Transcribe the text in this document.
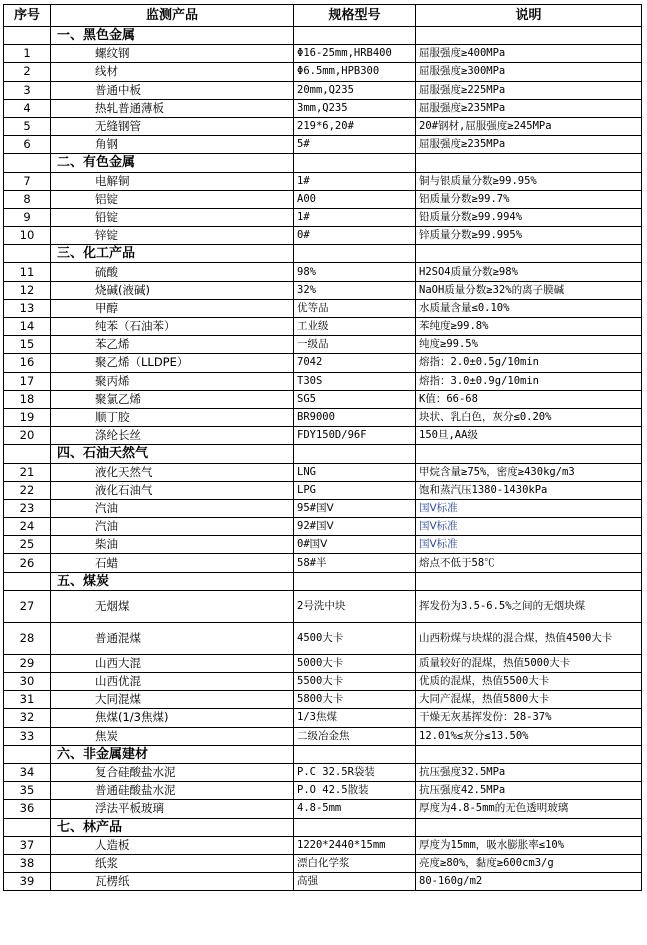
序号	监测产品	规格型号	说明
	一、黑色金属		
1	螺纹钢	Φ16-25mm,HRB400	屈服强度≥400MPa
2	线材	Φ6.5mm,HPB300	屈服强度≥300MPa
3	普通中板	20mm,Q235	屈服强度≥225MPa
4	热轧普通薄板	3mm,Q235	屈服强度≥235MPa
5	无缝钢管	219*6,20#	20#钢材,屈服强度≥245MPa
6	角钢	5#	屈服强度≥235MPa
	二、有色金属		
7	电解铜	1#	铜与银质量分数≥99.95%
8	铝锭	A00	铝质量分数≥99.7%
9	铅锭	1#	铅质量分数≥99.994%
10	锌锭	0#	锌质量分数≥99.995%
	三、化工产品		
11	硫酸	98%	H2SO4质量分数≥98%
12	烧碱(液碱)	32%	NaOH质量分数≥32%的离子膜碱
13	甲醇	优等品	水质量含量≤0.10%
14	纯苯（石油苯）	工业级	苯纯度≥99.8%
15	苯乙烯	一级品	纯度≥99.5%
16	聚乙烯（LLDPE）	7042	熔指：2.0±0.5g/10min
17	聚丙烯	T30S	熔指：3.0±0.9g/10min
18	聚氯乙烯	SG5	K值：66-68
19	顺丁胶	BR9000	块状、乳白色，灰分≤0.20%
20	涤纶长丝	FDY150D/96F	150旦,AA级
	四、石油天然气		
21	液化天然气	LNG	甲烷含量≥75%，密度≥430kg/m3
22	液化石油气	LPG	饱和蒸汽压1380-1430kPa
23	汽油	95#国Ⅴ	国Ⅴ标准
24	汽油	92#国Ⅴ	国Ⅴ标准
25	柴油	0#国Ⅴ	国Ⅴ标准
26	石蜡	58#半	熔点不低于58℃
	五、煤炭		
27	无烟煤	2号洗中块	挥发份为3.5-6.5%之间的无烟块煤
28	普通混煤	4500大卡	山西粉煤与块煤的混合煤，热值4500大卡
29	山西大混	5000大卡	质量较好的混煤，热值5000大卡
30	山西优混	5500大卡	优质的混煤，热值5500大卡
31	大同混煤	5800大卡	大同产混煤，热值5800大卡
32	焦煤(1/3焦煤)	1/3焦煤	干燥无灰基挥发份：28-37%
33	焦炭	二级冶金焦	12.01%≤灰分≤13.50%
	六、非金属建材		
34	复合硅酸盐水泥	P.C 32.5R袋装	抗压强度32.5MPa
35	普通硅酸盐水泥	P.O 42.5散装	抗压强度42.5MPa
36	浮法平板玻璃	4.8-5mm	厚度为4.8-5mm的无色透明玻璃
	七、林产品		
37	人造板	1220*2440*15mm	厚度为15mm，吸水膨胀率≤10%
38	纸浆	漂白化学浆	亮度≥80%，黏度≥600cm3/g
39	瓦楞纸	高强	80-160g/m2
